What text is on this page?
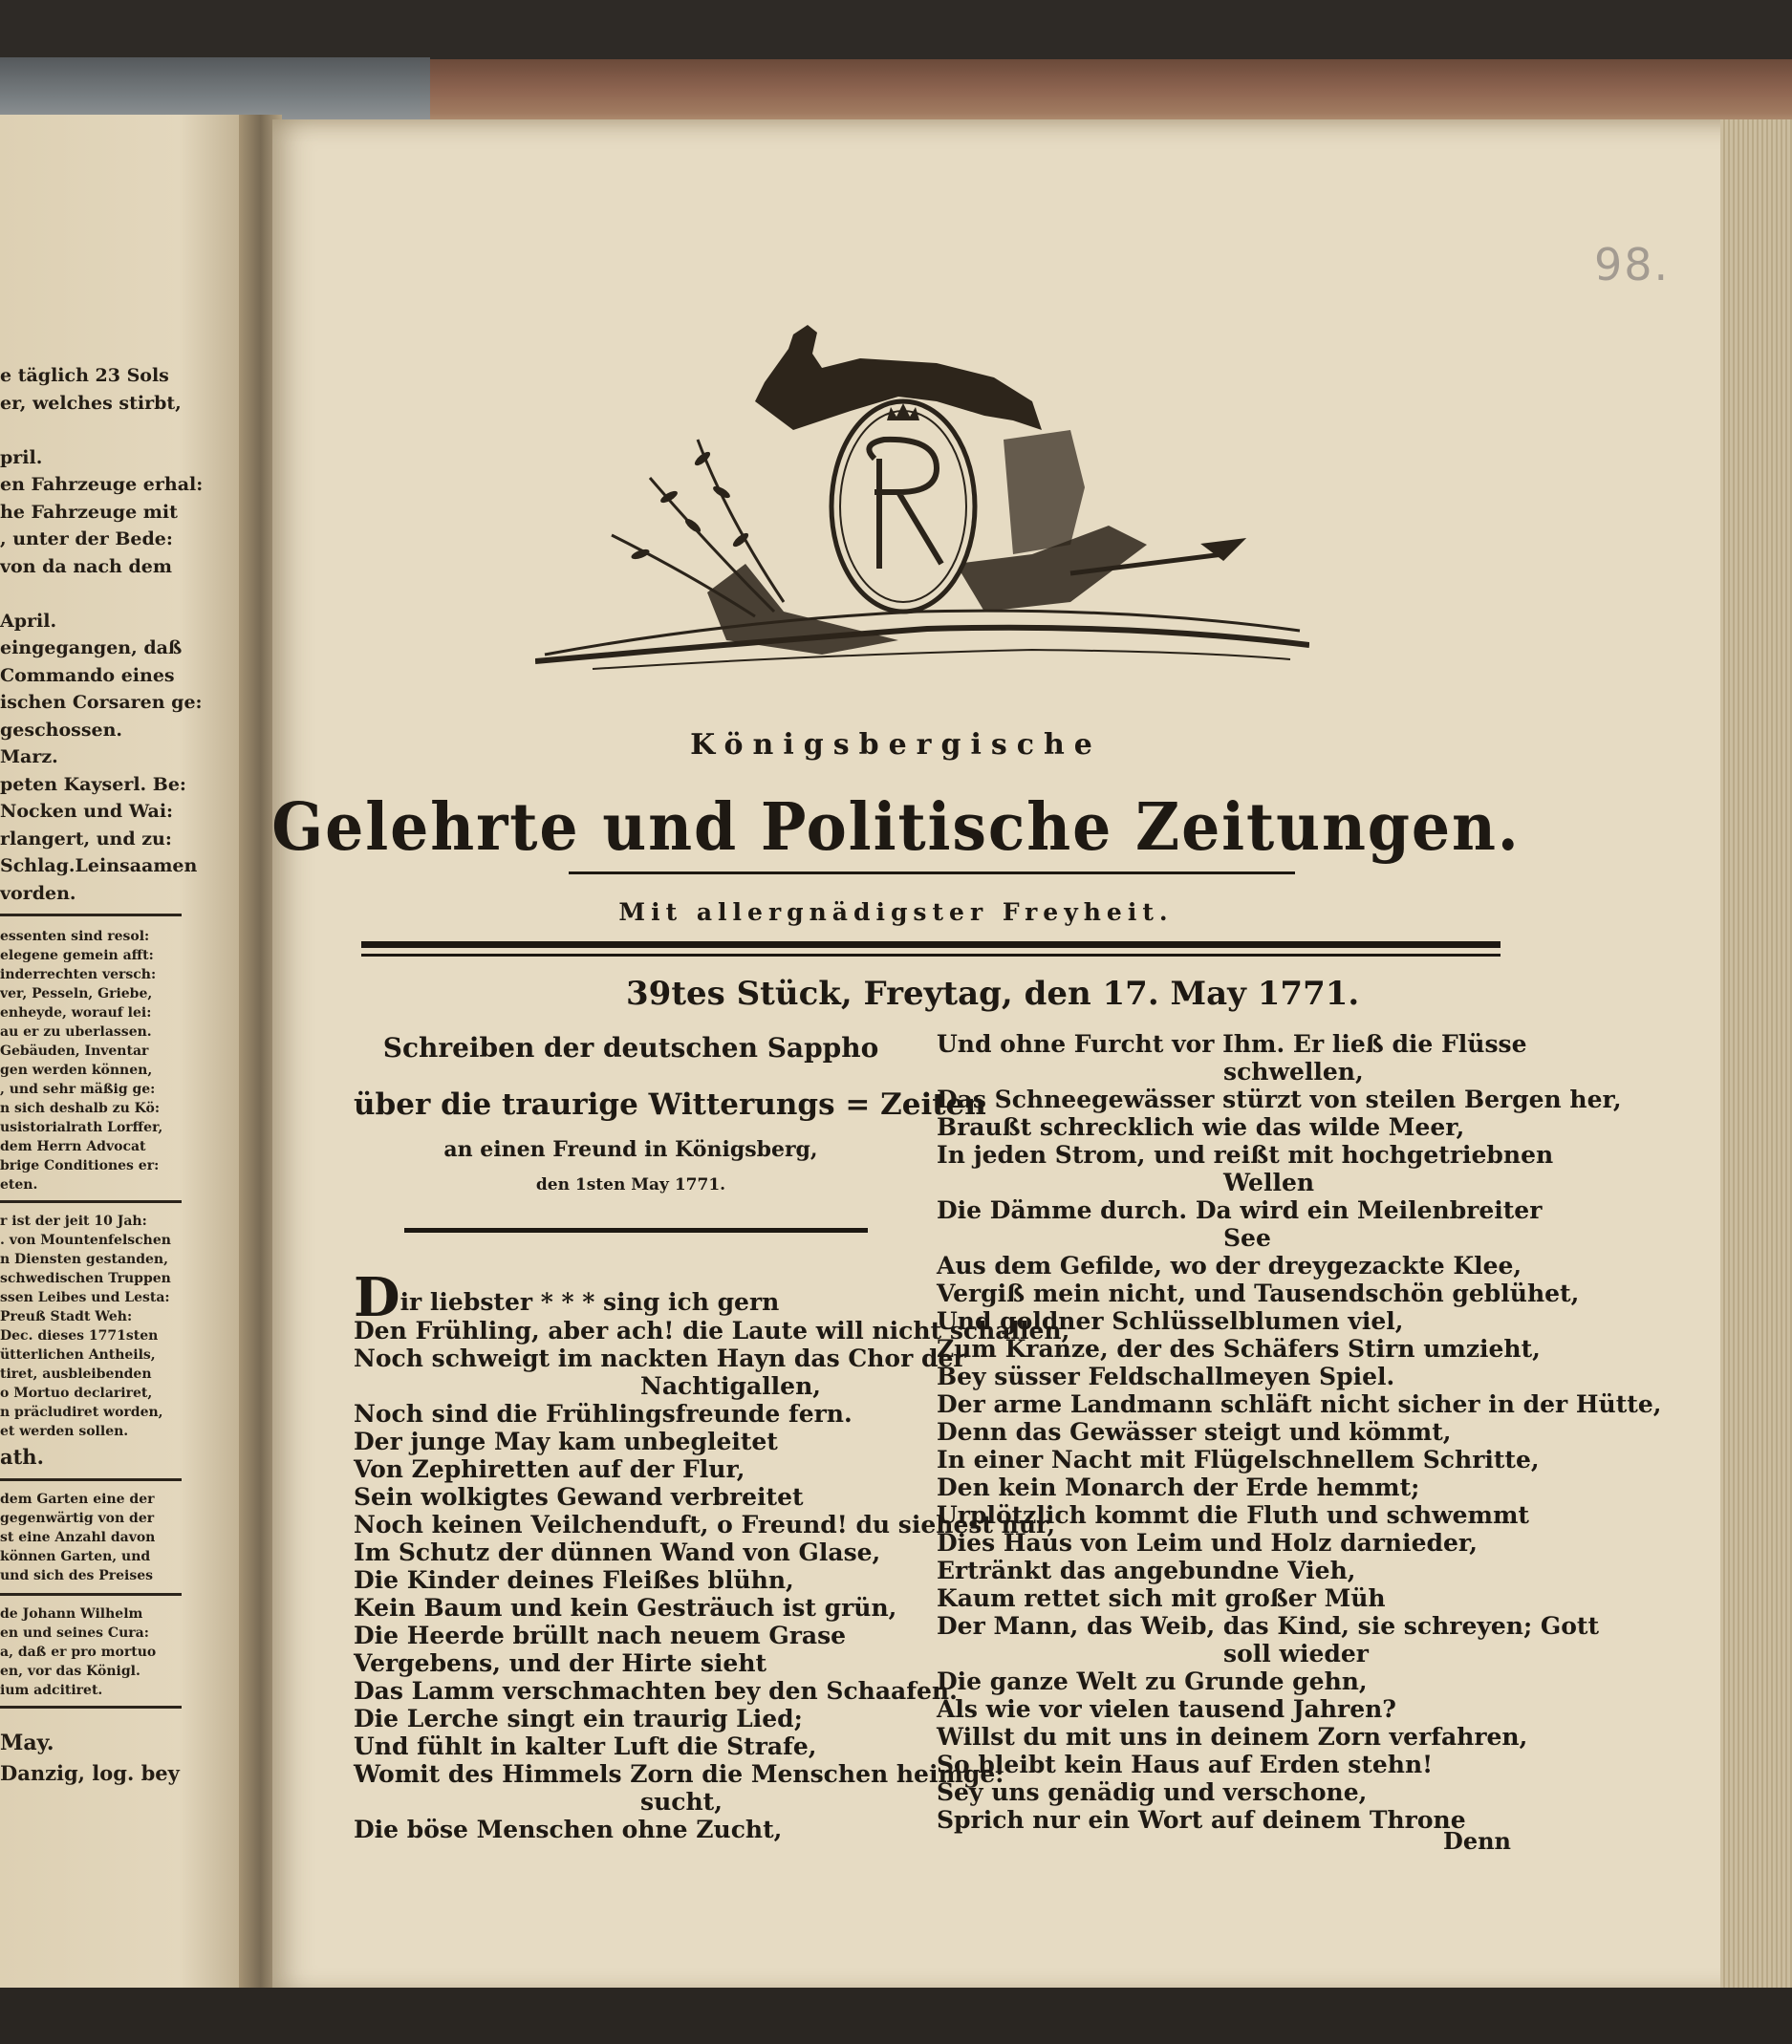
e täglich 23 Sols
er, welches stirbt,
pril.
en Fahrzeuge erhal:
he Fahrzeuge mit
, unter der Bede:
von da nach dem
April.
eingegangen, daß
Commando eines
ischen Corsaren ge:
geschossen.
Marz.
peten Kayserl. Be:
Nocken und Wai:
rlangert, und zu:
Schlag.Leinsaamen
vorden.
essenten sind resol:
elegene gemein afft:
inderrechten versch:
ver, Pesseln, Griebe,
enheyde, worauf lei:
au er zu uberlassen.
Gebäuden, Inventar
gen werden können,
, und sehr mäßig ge:
n sich deshalb zu Kö:
usistorialrath Lorffer,
dem Herrn Advocat
brige Conditiones er:
eten.
r ist der jeit 10 Jah:
. von Mountenfelschen
n Diensten gestanden,
schwedischen Truppen
ssen Leibes und Lesta:
Preuß Stadt Weh:
Dec. dieses 1771sten
ütterlichen Antheils,
tiret, ausbleibenden
o Mortuo declariret,
n präcludiret worden,
et werden sollen.
ath.
dem Garten eine der
gegenwärtig von der
st eine Anzahl davon
können Garten, und
und sich des Preises
de Johann Wilhelm
en und seines Cura:
a, daß er pro mortuo
en, vor das Königl.
ium adcitiret.
May.
Danzig, log. bey
98.
Königsbergische
Gelehrte und Politische Zeitungen.
Mit allergnädigster Freyheit.
39tes Stück, Freytag, den 17. May 1771.
Schreiben der deutschen Sappho
über die traurige Witterungs = Zeiten
an einen Freund in Königsberg,
den 1sten May 1771.
Dir liebster * * * sing ich gern
Den Frühling, aber ach! die Laute will nicht schallen,
Noch schweigt im nackten Hayn das Chor der
Nachtigallen,
Noch sind die Frühlingsfreunde fern.
Der junge May kam unbegleitet
Von Zephiretten auf der Flur,
Sein wolkigtes Gewand verbreitet
Noch keinen Veilchenduft, o Freund! du siehest nur,
Im Schutz der dünnen Wand von Glase,
Die Kinder deines Fleißes blühn,
Kein Baum und kein Gesträuch ist grün,
Die Heerde brüllt nach neuem Grase
Vergebens, und der Hirte sieht
Das Lamm verschmachten bey den Schaafen.
Die Lerche singt ein traurig Lied;
Und fühlt in kalter Luft die Strafe,
Womit des Himmels Zorn die Menschen heimge:
sucht,
Die böse Menschen ohne Zucht,
Und ohne Furcht vor Ihm. Er ließ die Flüsse
schwellen,
Das Schneegewässer stürzt von steilen Bergen her,
Braußt schrecklich wie das wilde Meer,
In jeden Strom, und reißt mit hochgetriebnen
Wellen
Die Dämme durch. Da wird ein Meilenbreiter
See
Aus dem Gefilde, wo der dreygezackte Klee,
Vergiß mein nicht, und Tausendschön geblühet,
Und goldner Schlüsselblumen viel,
Zum Kranze, der des Schäfers Stirn umzieht,
Bey süsser Feldschallmeyen Spiel.
Der arme Landmann schläft nicht sicher in der Hütte,
Denn das Gewässer steigt und kömmt,
In einer Nacht mit Flügelschnellem Schritte,
Den kein Monarch der Erde hemmt;
Urplötzlich kommt die Fluth und schwemmt
Dies Haus von Leim und Holz darnieder,
Ertränkt das angebundne Vieh,
Kaum rettet sich mit großer Müh
Der Mann, das Weib, das Kind, sie schreyen; Gott
soll wieder
Die ganze Welt zu Grunde gehn,
Als wie vor vielen tausend Jahren?
Willst du mit uns in deinem Zorn verfahren,
So bleibt kein Haus auf Erden stehn!
Sey uns genädig und verschone,
Sprich nur ein Wort auf deinem Throne
Denn
